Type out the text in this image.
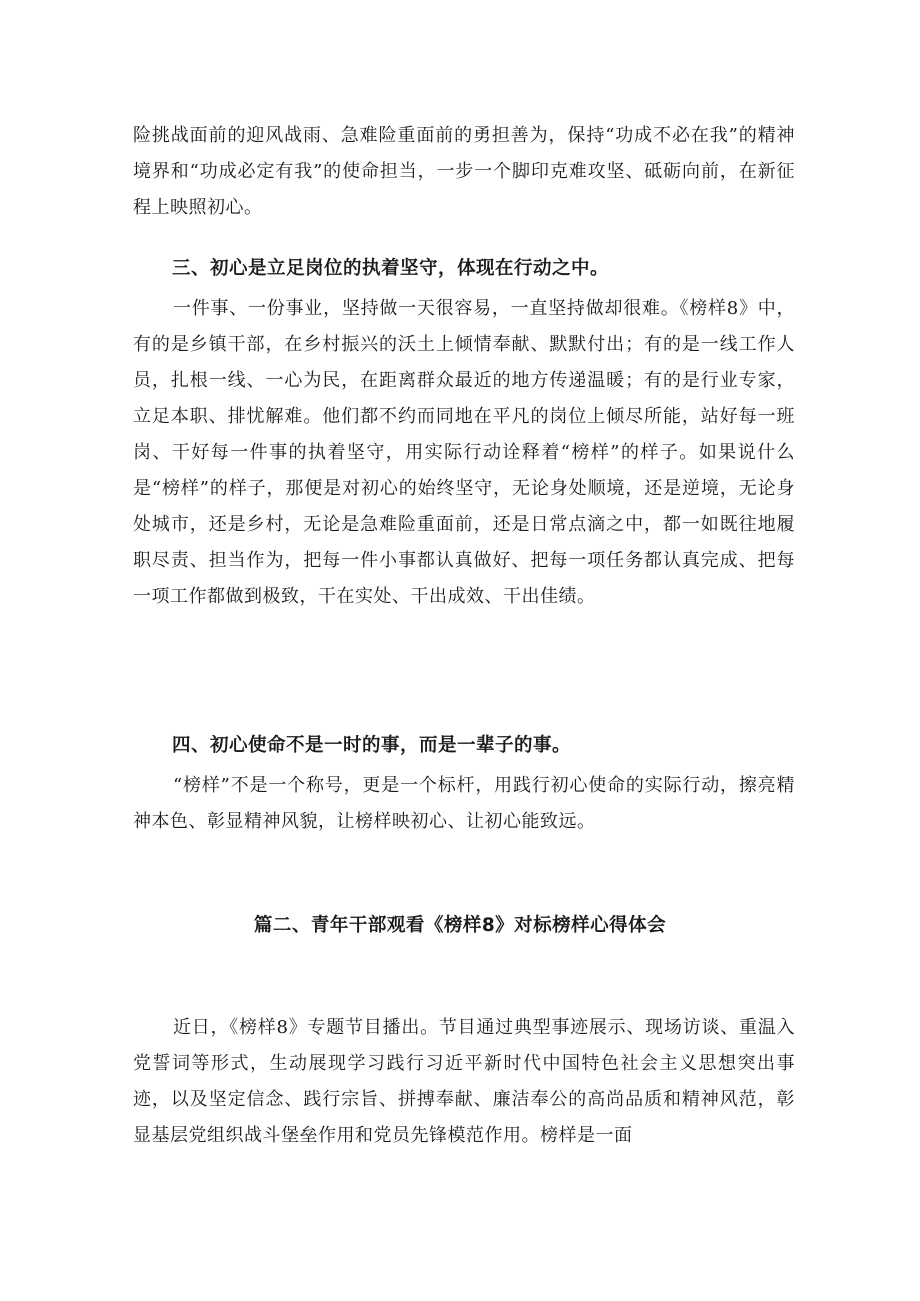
险挑战面前的迎风战雨、急难险重面前的勇担善为，保持“功成不必在我”的精神境界和“功成必定有我”的使命担当，一步一个脚印克难攻坚、砥砺向前，在新征程上映照初心。

三、初心是立足岗位的执着坚守，体现在行动之中。

一件事、一份事业，坚持做一天很容易，一直坚持做却很难。《榜样8》中，有的是乡镇干部，在乡村振兴的沃土上倾情奉献、默默付出；有的是一线工作人员，扎根一线、一心为民，在距离群众最近的地方传递温暖；有的是行业专家，立足本职、排忧解难。他们都不约而同地在平凡的岗位上倾尽所能，站好每一班岗、干好每一件事的执着坚守，用实际行动诠释着“榜样”的样子。如果说什么是“榜样”的样子，那便是对初心的始终坚守，无论身处顺境，还是逆境，无论身处城市，还是乡村，无论是急难险重面前，还是日常点滴之中，都一如既往地履职尽责、担当作为，把每一件小事都认真做好、把每一项任务都认真完成、把每一项工作都做到极致，干在实处、干出成效、干出佳绩。

四、初心使命不是一时的事，而是一辈子的事。

“榜样”不是一个称号，更是一个标杆，用践行初心使命的实际行动，擦亮精神本色、彰显精神风貌，让榜样映初心、让初心能致远。

篇二、青年干部观看《榜样8》对标榜样心得体会

近日，《榜样8》专题节目播出。节目通过典型事迹展示、现场访谈、重温入党誓词等形式，生动展现学习践行习近平新时代中国特色社会主义思想突出事迹，以及坚定信念、践行宗旨、拼搏奉献、廉洁奉公的高尚品质和精神风范，彰显基层党组织战斗堡垒作用和党员先锋模范作用。榜样是一面
